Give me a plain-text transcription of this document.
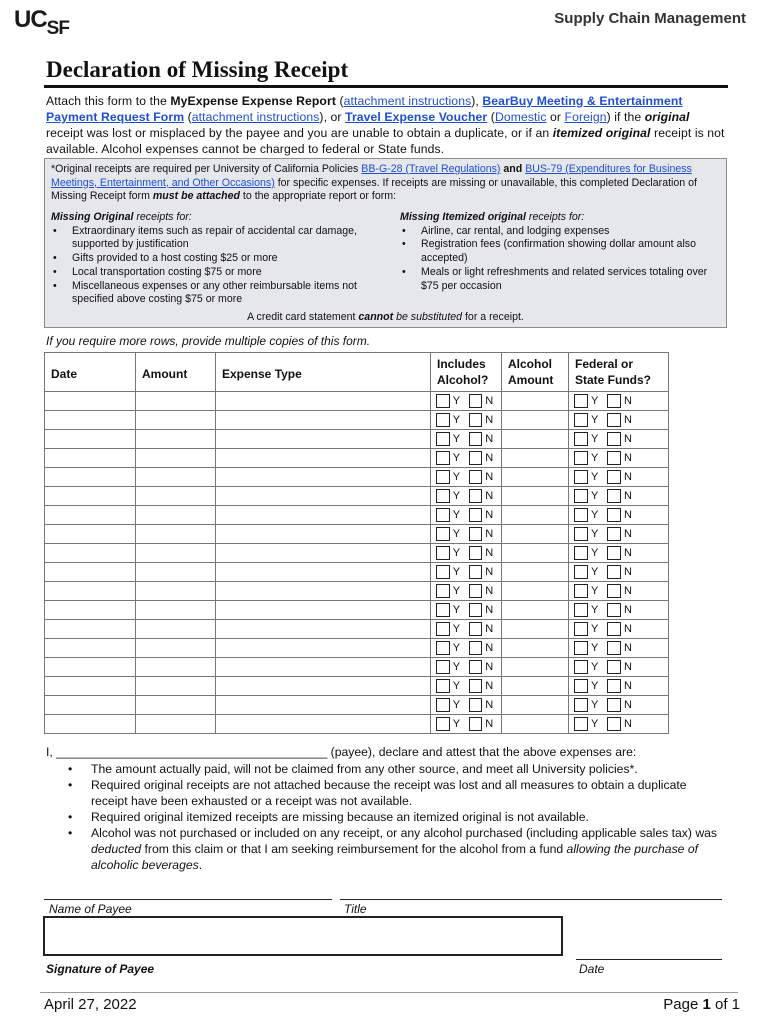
$UC_{SF}$	Supply Chain Management
Declaration of Missing Receipt
Attach this form to the MyExpense Expense Report (attachment instructions), BearBuy Meeting & Entertainment Payment Request Form (attachment instructions), or Travel Expense Voucher (Domestic or Foreign) if the original receipt was lost or misplaced by the payee and you are unable to obtain a duplicate, or if an itemized original receipt is not available. Alcohol expenses cannot be charged to federal or State funds.
*Original receipts are required per University of California Policies BB-G-28 (Travel Regulations) and BUS-79 (Expenditures for Business Meetings, Entertainment, and Other Occasions) for specific expenses. If receipts are missing or unavailable, this completed Declaration of Missing Receipt form must be attached to the appropriate report or form:
Missing Original receipts for:
• Extraordinary items such as repair of accidental car damage, supported by justification
• Gifts provided to a host costing $25 or more
• Local transportation costing $75 or more
• Miscellaneous expenses or any other reimbursable items not specified above costing $75 or more
Missing Itemized original receipts for:
• Airline, car rental, and lodging expenses
• Registration fees (confirmation showing dollar amount also accepted)
• Meals or light refreshments and related services totaling over $75 per occasion
A credit card statement cannot be substituted for a receipt.
If you require more rows, provide multiple copies of this form.
Date	Amount	Expense Type	Includes Alcohol?	Alcohol Amount	Federal or State Funds?

			Y N		Y N

			Y N		Y N

			Y N		Y N

			Y N		Y N

			Y N		Y N

			Y N		Y N

			Y N		Y N

			Y N		Y N

			Y N		Y N

			Y N		Y N

			Y N		Y N

			Y N		Y N

			Y N		Y N

			Y N		Y N

			Y N		Y N

			Y N		Y N

			Y N		Y N

			Y N		Y N
I, ________________________________________ (payee), declare and attest that the above expenses are:
• The amount actually paid, will not be claimed from any other source, and meet all University policies*.
• Required original receipts are not attached because the receipt was lost and all measures to obtain a duplicate receipt have been exhausted or a receipt was not available.
• Required original itemized receipts are missing because an itemized original is not available.
• Alcohol was not purchased or included on any receipt, or any alcohol purchased (including applicable sales tax) was deducted from this claim or that I am seeking reimbursement for the alcohol from a fund allowing the purchase of alcoholic beverages.
Name of Payee	Title
Signature of Payee	Date
April 27, 2022	Page 1 of 1
